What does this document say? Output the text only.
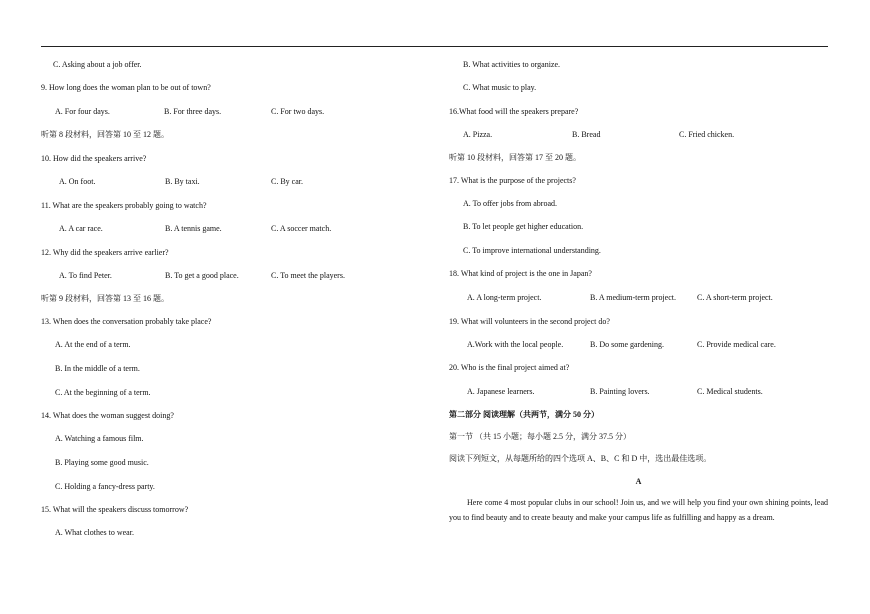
C. Asking about a job offer.
9. How long does the woman plan to be out of town?
A. For four days.	B. For three days.	C. For two days.
听第 8 段材料，回答第 10 至 12 题。
10. How did the speakers arrive?
A. On foot.	B. By taxi.	C. By car.
11. What are the speakers probably going to watch?
A. A car race.	B. A tennis game.	C. A soccer match.
12. Why did the speakers arrive earlier?
A. To find Peter.	B. To get a good place.	C. To meet the players.
听第 9 段材料，回答第 13 至 16 题。
13. When does the conversation probably take place?
A. At the end of a term.
B. In the middle of a term.
C. At the beginning of a term.
14. What does the woman suggest doing?
A. Watching a famous film.
B. Playing some good music.
C. Holding a fancy-dress party.
15. What will the speakers discuss tomorrow?
A. What clothes to wear.
B. What activities to organize.
C. What music to play.
16.What food will the speakers prepare?
A. Pizza.	B. Bread	C. Fried chicken.
听第 10 段材料，回答第 17 至 20 题。
17. What is the purpose of the projects?
A. To offer jobs from abroad.
B. To let people get higher education.
C. To improve international understanding.
18. What kind of project is the one in Japan?
A. A long-term project.	B. A medium-term project.	C. A short-term project.
19. What will volunteers in the second project do?
A.Work with the local people.	B. Do some gardening.	C. Provide medical care.
20. Who is the final project aimed at?
A. Japanese learners.	B. Painting lovers.	C. Medical students.
第二部分 阅读理解（共两节，满分 50 分）
第一节 （共 15 小题；每小题 2.5 分，满分 37.5 分）
阅读下列短文，从每题所给的四个选项 A、B、C 和 D 中，选出最佳选项。
A
Here come 4 most popular clubs in our school! Join us, and we will help you find your own shining points, lead you to find beauty and to create beauty and make your campus life as fulfilling and happy as a dream.
